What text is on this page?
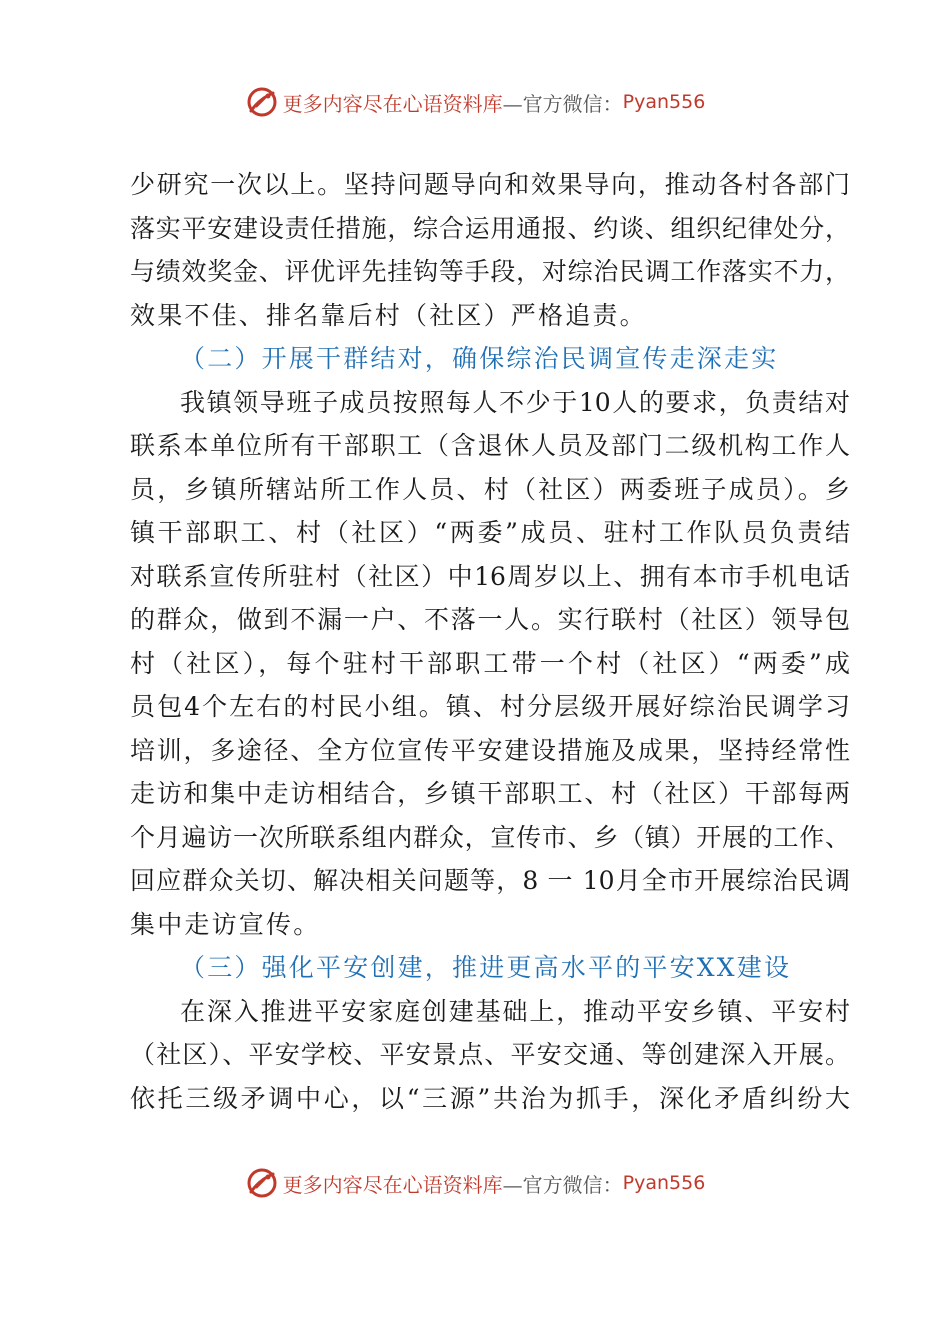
更多内容尽在心语资料库 —官方微信： Pyan556
少研究一次以上。坚持问题导向和效果导向，推动各村各部门
落实平安建设责任措施，综合运用通报、约谈、组织纪律处分，
与绩效奖金、评优评先挂钩等手段，对综治民调工作落实不力，
效果不佳、排名靠后村（社区）严格追责。
（二）开展干群结对，确保综治民调宣传走深走实
我镇领导班子成员按照每人不少于10人的要求，负责结对
联系本单位所有干部职工（含退休人员及部门二级机构工作人
员，乡镇所辖站所工作人员、村（社区）两委班子成员）。乡
镇干部职工、村（社区）“两委”成员、驻村工作队员负责结
对联系宣传所驻村（社区）中16周岁以上、拥有本市手机电话
的群众，做到不漏一户、不落一人。实行联村（社区）领导包
村（社区），每个驻村干部职工带一个村（社区）“两委”成
员包4个左右的村民小组。镇、村分层级开展好综治民调学习
培训，多途径、全方位宣传平安建设措施及成果，坚持经常性
走访和集中走访相结合，乡镇干部职工、村（社区）干部每两
个月遍访一次所联系组内群众，宣传市、乡（镇）开展的工作、
回应群众关切、解决相关问题等，8 一 10月全市开展综治民调
集中走访宣传。
（三）强化平安创建，推进更高水平的平安XX建设
在深入推进平安家庭创建基础上，推动平安乡镇、平安村
（社区）、平安学校、平安景点、平安交通、等创建深入开展。
依托三级矛调中心，以“三源”共治为抓手，深化矛盾纠纷大
更多内容尽在心语资料库 —官方微信： Pyan556
